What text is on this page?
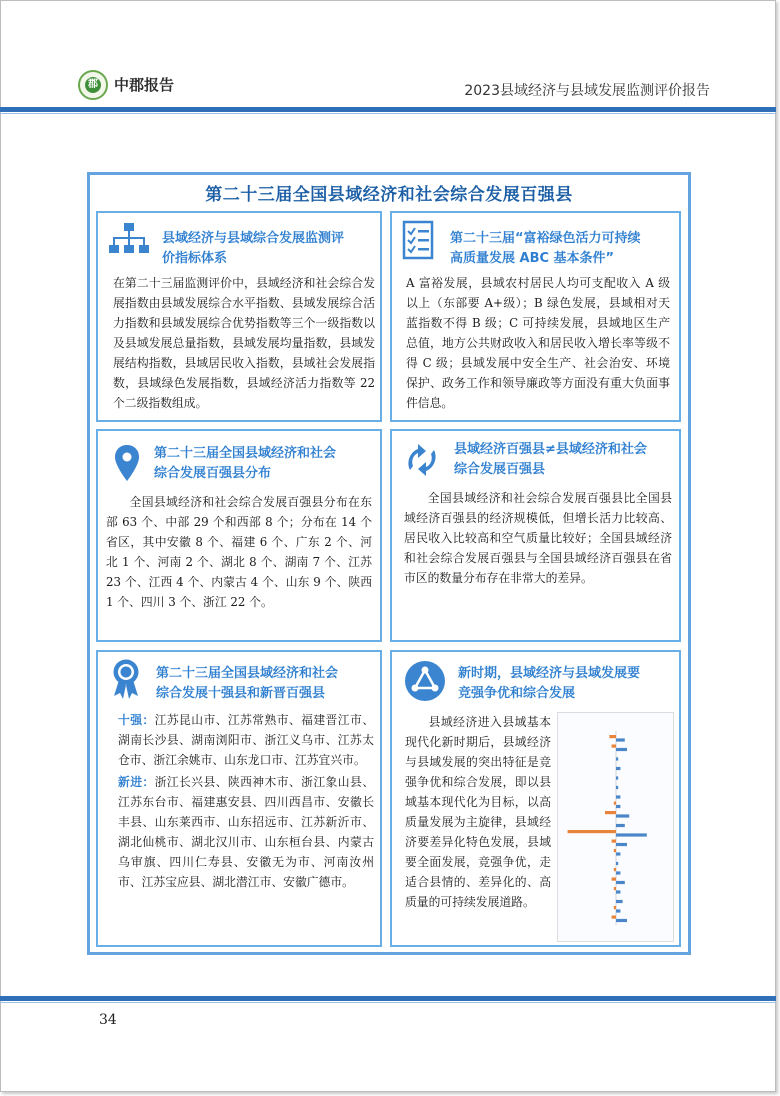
郡 中郡报告	2023县域经济与县域发展监测评价报告
第二十三届全国县域经济和社会综合发展百强县
县域经济与县域综合发展监测评
价指标体系

在第二十三届监测评价中，县域经济和社会综合发展指数由县域发展综合水平指数、县域发展综合活力指数和县域发展综合优势指数等三个一级指数以及县域发展总量指数，县域发展均量指数，县域发展结构指数，县域居民收入指数，县域社会发展指数，县域绿色发展指数，县域经济活力指数等 22 个二级指数组成。

第二十三届“富裕绿色活力可持续
高质量发展 ABC 基本条件”

A 富裕发展，县域农村居民人均可支配收入 A 级以上（东部要 A+级）；B 绿色发展，县域相对天蓝指数不得 B 级；C 可持续发展，县域地区生产总值，地方公共财政收入和居民收入增长率等级不得 C 级；县域发展中安全生产、社会治安、环境保护、政务工作和领导廉政等方面没有重大负面事件信息。

第二十三届全国县域经济和社会
综合发展百强县分布

全国县域经济和社会综合发展百强县分布在东部 63 个、中部 29 个和西部 8 个；分布在 14 个省区，其中安徽 8 个、福建 6 个、广东 2 个、河北 1 个、河南 2 个、湖北 8 个、湖南 7 个、江苏 23 个、江西 4 个、内蒙古 4 个、山东 9 个、陕西 1 个、四川 3 个、浙江 22 个。

县域经济百强县≠县域经济和社会
综合发展百强县

全国县域经济和社会综合发展百强县比全国县域经济百强县的经济规模低，但增长活力比较高、居民收入比较高和空气质量比较好；全国县域经济和社会综合发展百强县与全国县域经济百强县在省市区的数量分布存在非常大的差异。

第二十三届全国县域经济和社会
综合发展十强县和新晋百强县

十强：江苏昆山市、江苏常熟市、福建晋江市、湖南长沙县、湖南浏阳市、浙江义乌市、江苏太仓市、浙江余姚市、山东龙口市、江苏宜兴市。

新进：浙江长兴县、陕西神木市、浙江象山县、江苏东台市、福建惠安县、四川西昌市、安徽长丰县、山东莱西市、山东招远市、江苏新沂市、湖北仙桃市、湖北汉川市、山东桓台县、内蒙古乌审旗、四川仁寿县、安徽无为市、河南汝州市、江苏宝应县、湖北潜江市、安徽广德市。

新时期，县域经济与县域发展要
竞强争优和综合发展

县域经济进入县域基本现代化新时期后，县域经济与县域发展的突出特征是竞强争优和综合发展，即以县域基本现代化为目标，以高质量发展为主旋律，县域经济要差异化特色发展，县域要全面发展，竞强争优，走适合县情的、差异化的、高质量的可持续发展道路。

34
